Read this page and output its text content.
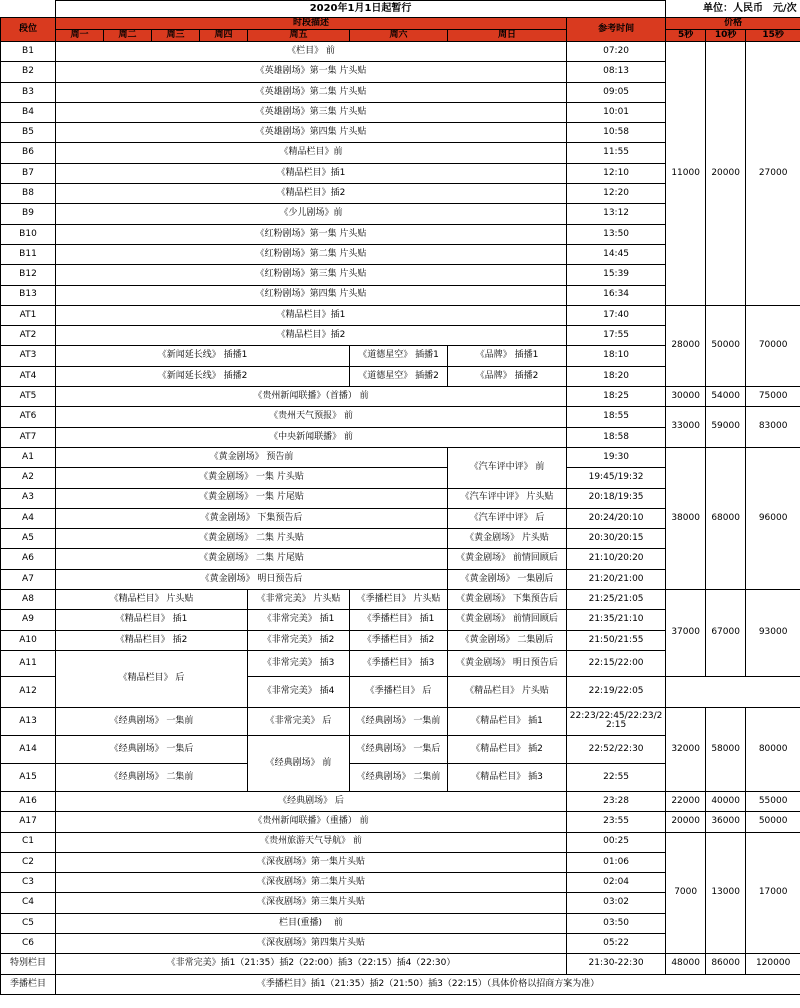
	2020年1月1日起暂行								单位：人民币　元/次		
段位	时段描述							参考时间	价格		
	周一	周二	周三	周四	周五	周六	周日		5秒	10秒	15秒
B1	《栏目》 前							07:20	11000	20000	27000
B2	《英雄剧场》第一集 片头贴							08:13			
B3	《英雄剧场》第二集 片头贴							09:05			
B4	《英雄剧场》第三集 片头贴							10:01			
B5	《英雄剧场》第四集 片头贴							10:58			
B6	《精品栏目》前							11:55			
B7	《精品栏目》插1							12:10			
B8	《精品栏目》插2							12:20			
B9	《少儿剧场》前							13:12			
B10	《红粉剧场》第一集 片头贴							13:50			
B11	《红粉剧场》第二集 片头贴							14:45			
B12	《红粉剧场》第三集 片头贴							15:39			
B13	《红粉剧场》第四集 片头贴							16:34			
AT1	《精品栏目》插1							17:40	28000	50000	70000
AT2	《精品栏目》插2							17:55			
AT3	《新闻延长线》 插播1					《道德星空》 插播1	《品牌》 插播1	18:10			
AT4	《新闻延长线》 插播2					《道德星空》 插播2	《品牌》 插播2	18:20			
AT5	《贵州新闻联播》（首播） 前							18:25	30000	54000	75000
AT6	《贵州天气预报》 前							18:55	33000	59000	83000
AT7	《中央新闻联播》 前							18:58			
A1	《黄金剧场》 预告前						《汽车评中评》 前	19:30	38000	68000	96000
A2	《黄金剧场》 一集 片头贴							19:45/19:32			
A3	《黄金剧场》 一集 片尾贴						《汽车评中评》 片头贴	20:18/19:35			
A4	《黄金剧场》 下集预告后						《汽车评中评》 后	20:24/20:10			
A5	《黄金剧场》 二集 片头贴						《黄金剧场》 片头贴	20:30/20:15			
A6	《黄金剧场》 二集 片尾贴						《黄金剧场》 前情回顾后	21:10/20:20			
A7	《黄金剧场》 明日预告后						《黄金剧场》 一集剧后	21:20/21:00			
A8	《精品栏目》 片头贴				《非常完美》 片头贴	《季播栏目》 片头贴	《黄金剧场》 下集预告后	21:25/21:05	37000	67000	93000
A9	《精品栏目》 插1				《非常完美》 插1	《季播栏目》 插1	《黄金剧场》 前情回顾后	21:35/21:10			
A10	《精品栏目》 插2				《非常完美》 插2	《季播栏目》 插2	《黄金剧场》 二集剧后	21:50/21:55			
A11	《精品栏目》 后				《非常完美》 插3	《季播栏目》 插3	《黄金剧场》 明日预告后	22:15/22:00			

A12					《非常完美》 插4	《季播栏目》 后	《精品栏目》 片头贴	22:19/22:05			
A13	《经典剧场》 一集前				《非常完美》 后	《经典剧场》 一集前	《精品栏目》 插1	22:23/22:45/22:23/22:15	32000	58000	80000
A14	《经典剧场》 一集后				《经典剧场》 前	《经典剧场》 一集后	《精品栏目》 插2	22:52/22:30			
A15	《经典剧场》 二集前					《经典剧场》 二集前	《精品栏目》 插3	22:55			
A16	《经典剧场》 后							23:28	22000	40000	55000
A17	《贵州新闻联播》（重播） 前							23:55	20000	36000	50000
C1	《贵州旅游天气导航》 前							00:25	7000	13000	17000
C2	《深夜剧场》第一集片头贴							01:06			
C3	《深夜剧场》第二集片头贴							02:04			
C4	《深夜剧场》第三集片头贴							03:02			
C5	栏目(重播)　 前							03:50			
C6	《深夜剧场》第四集片头贴							05:22			
特别栏目	《非常完美》插1（21:35）插2（22:00）插3（22:15）插4（22:30）							21:30-22:30	48000	86000	120000
季播栏目	《季播栏目》插1（21:35）插2（21:50）插3（22:15）（具体价格以招商方案为准）										
